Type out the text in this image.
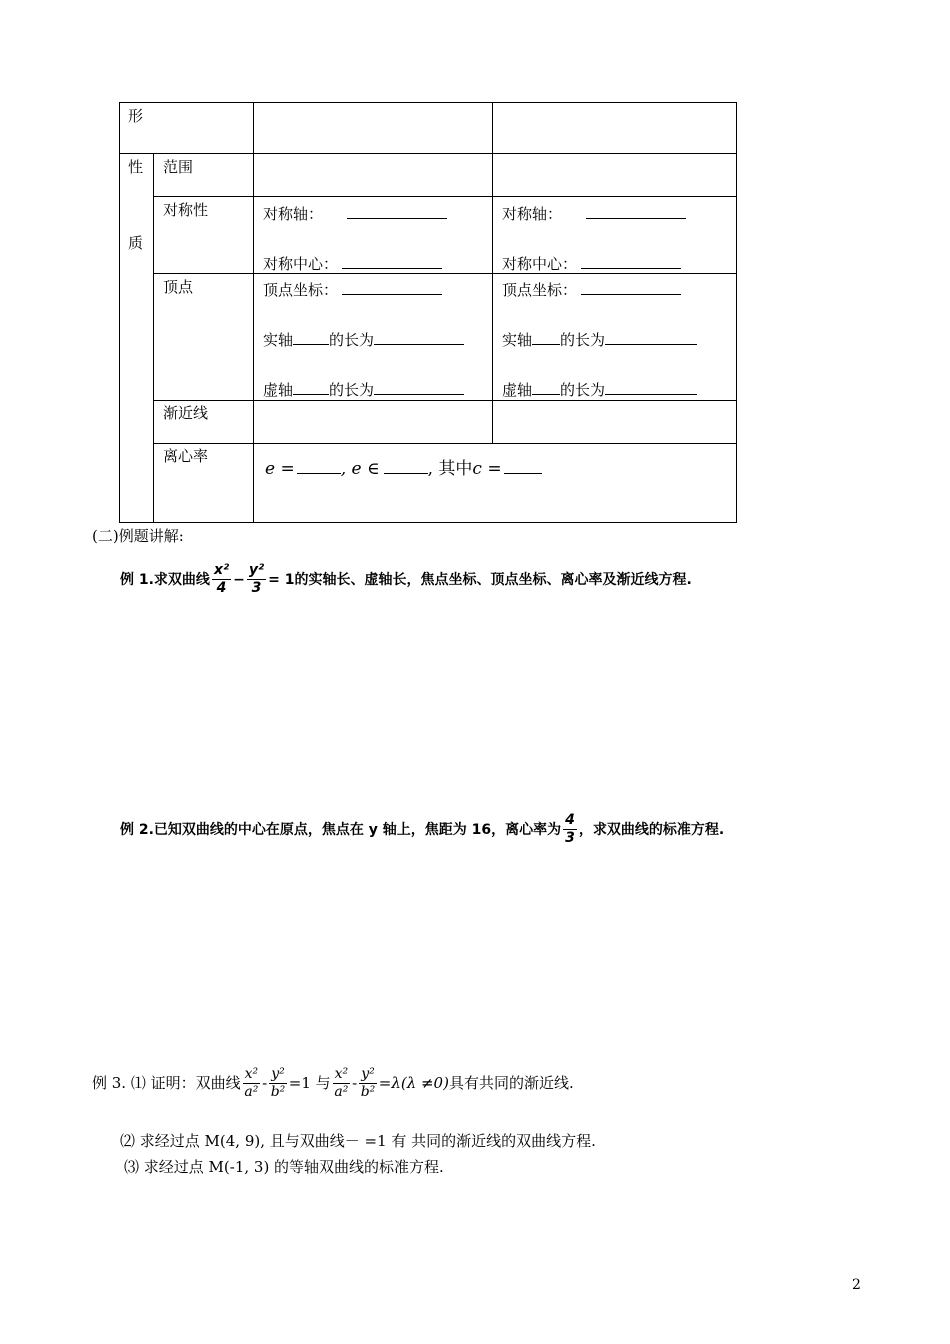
形
性
质
范围
对称性
顶点
渐近线
离心率
对称轴：
对称中心：
对称轴：
对称中心：
顶点坐标：
实轴 的长为
虚轴 的长为
顶点坐标：
实轴 的长为
虚轴 的长为
e =	, e ∈	, 其中c =
(二)例题讲解:
例 1.求双曲线 $\frac{\text{x²}}{4} - \frac{\text{y²}}{3} = 1$ 的实轴长、虚轴长，焦点坐标、顶点坐标、离心率及渐近线方程.
例 2.已知双曲线的中心在原点，焦点在 y 轴上，焦距为 16，离心率为 $\frac{4}{3}$ ，求双曲线的标准方程.
例 3. ⑴ 证明：双曲线 $\frac{\text{x²}}{\text{a²}} - \frac{\text{y²}}{\text{b²}} =1$ 与 $\frac{\text{x²}}{\text{a²}} - \frac{\text{y²}}{\text{b²}} =\lambda(\lambda \ne 0)$ 具有共同的渐近线.
⑵ 求经过点 M(4, 9), 且与双曲线－ =1 有 共同的渐近线的双曲线方程.
⑶ 求经过点 M(-1, 3) 的等轴双曲线的标准方程.
2
